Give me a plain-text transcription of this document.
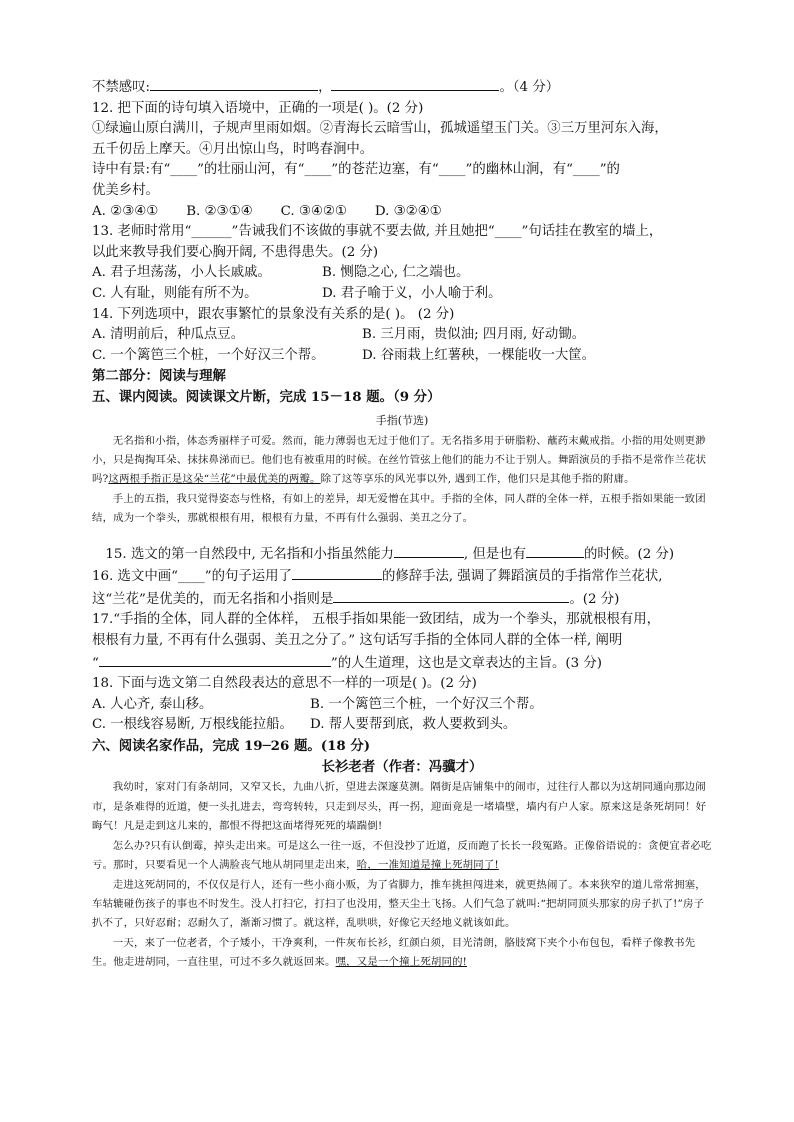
不禁感叹:	，	。（4 分）
12. 把下面的诗句填入语境中，正确的一项是( )。(2 分)
①绿遍山原白满川，子规声里雨如烟。②青海长云暗雪山，孤城遥望玉门关。③三万里河东入海，
五千仞岳上摩天。④月出惊山鸟，时鸣春涧中。
诗中有景:有“____”的壮丽山河，有“____”的苍茫边塞，有“____”的幽林山涧，有“____”的
优美乡村。
A. ②③④① B. ②③①④ C. ③④②① D. ③②④①
13. 老师时常用“______”告诫我们不该做的事就不要去做, 并且她把“____”句话挂在教室的墙上，
以此来教导我们要心胸开阔, 不患得患失。(2 分)
A. 君子坦荡荡，小人长戚戚。	B. 恻隐之心, 仁之端也。
C. 人有耻，则能有所不为。	D. 君子喻于义，小人喻于利。
14. 下列选项中，跟农事繁忙的景象没有关系的是( )。 (2 分)
A. 清明前后，种瓜点豆。	B. 三月雨，贵似油; 四月雨, 好动锄。
C. 一个篱笆三个桩，一个好汉三个帮。	D. 谷雨栽上红薯秧，一棵能收一大筐。
第二部分：阅读与理解
五、课内阅读。阅读课文片断，完成 15－18 题。（9 分）
手指(节选)
无名指和小指，体态秀丽样子可爱。然而，能力薄弱也无过于他们了。无名指多用于研脂粉、蘸药末戴戒指。小指的用处则更渺小，只是掏掏耳朵、抹抹鼻涕而已。他们也有被重用的时候。在丝竹管弦上他们的能力不让于别人。舞蹈演员的手指不是常作兰花状吗?这两根手指正是这朵“兰花”中最优美的两瓣。除了这等享乐的风光事以外, 遇到工作，他们只是其他手指的附庸。
手上的五指，我只觉得姿态与性格，有如上的差异，却无爱憎在其中。手指的全体，同人群的全体一样，五根手指如果能一致团结，成为一个拳头，那就根根有用，根根有力量，不再有什么强弱、美丑之分了。
15. 选文的第一自然段中, 无名指和小指虽然能力	, 但是也有	的时候。(2 分)
16. 选文中画“____”的句子运用了	的修辞手法, 强调了舞蹈演员的手指常作兰花状,
这“兰花”是优美的，而无名指和小指则是	。(2 分)
17.“手指的全体，同人群的全体样， 五根手指如果能一致团结，成为一个拳头，那就根根有用，
根根有力量, 不再有什么强弱、美丑之分了。” 这句话写手指的全体同人群的全体一样, 阐明
“	”的人生道理，这也是文章表达的主旨。(3 分)
18. 下面与选文第二自然段表达的意思不一样的一项是( )。(2 分)
A. 人心齐, 泰山移。	B. 一个篱笆三个桩，一个好汉三个帮。
C. 一根线容易断, 万根线能拉船。	D. 帮人要帮到底，救人要救到头。
六、阅读名家作品，完成 19─26 题。(18 分)
长衫老者（作者：冯骥才）
我幼时，家对门有条胡同，又窄又长，九曲八折，望进去深邃莫测。隔街是店铺集中的闹市，过往行人都以为这胡同通向那边闹市，是条难得的近道，便一头扎进去，弯弯转转，只走到尽头，再一拐，迎面竟是一堵墙壁，墙内有户人家。原来这是条死胡同！好晦气！凡是走到这儿来的，都恨不得把这面堵得死死的墙踹倒!
怎么办?只有认倒霉，掉头走出来。可是这么一往一返，不但没抄了近道，反而跑了长长一段冤路。正像俗语说的：贪便宜者必吃亏。那时，只要看见一个人满脸丧气地从胡同里走出来，哈，一准知道是撞上死胡同了!
走进这死胡同的，不仅仅是行人，还有一些小商小贩，为了省脚力，推车挑担闯进来，就更热闹了。本来狭窄的道儿常常拥塞，车轱辘碰伤孩子的事也不时发生。没人打扫它，打扫了也没用，整天尘土飞扬。人们气急了就叫:“把胡同顶头那家的房子扒了!”房子扒不了，只好忍耐；忍耐久了，渐渐习惯了。就这样，乱哄哄，好像它天经地义就该如此。
一天，来了一位老者，个子矮小，干净爽利，一件灰布长衫，红颜白须，目光清朗，胳肢窝下夹个小布包包，看样子像教书先生。他走进胡同，一直往里，可过不多久就返回来。嘿，又是一个撞上死胡同的!
